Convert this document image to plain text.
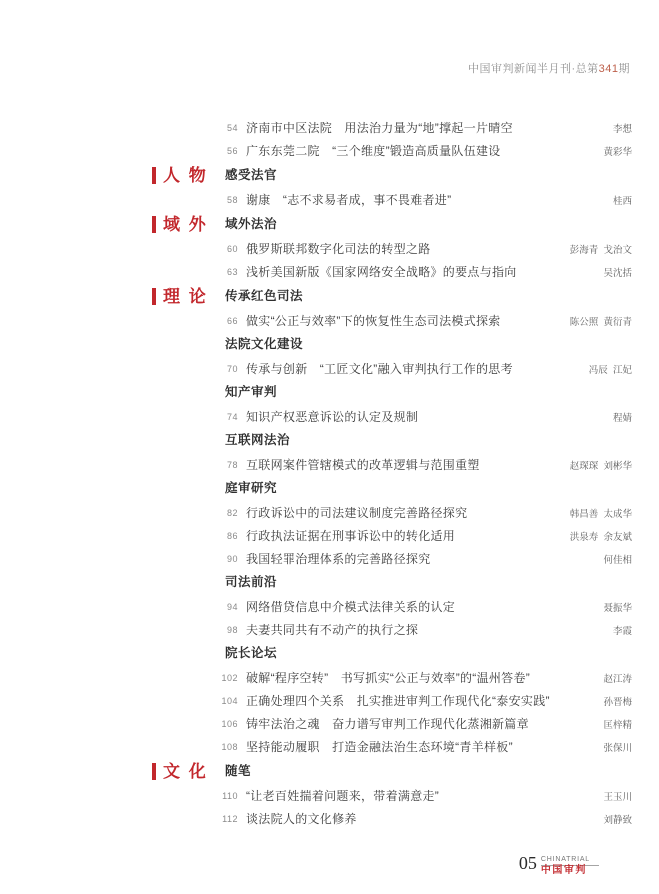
中国审判新闻半月刊·总第341期

54 济南市中区法院　用法治力量为“地”撑起一片晴空	李想
56 广东东莞二院　“三个维度”锻造高质量队伍建设	黄彩华
人 物 感受法官
58 谢康　“志不求易者成，事不畏难者进”	桂西
域 外 域外法治
60 俄罗斯联邦数字化司法的转型之路	彭海青  戈治文
63 浅析美国新版《国家网络安全战略》的要点与指向	吴沈括
理 论 传承红色司法
66 做实“公正与效率”下的恢复性生态司法模式探索	陈公照  黄衍青
法院文化建设
70 传承与创新　“工匠文化”融入审判执行工作的思考	冯辰  江妃
知产审判
74 知识产权恶意诉讼的认定及规制	程婧
互联网法治
78 互联网案件管辖模式的改革逻辑与范围重塑	赵琛琛  刘彬华
庭审研究
82 行政诉讼中的司法建议制度完善路径探究	韩昌善  太成华
86 行政执法证据在刑事诉讼中的转化适用	洪泉寿  余友斌
90 我国轻罪治理体系的完善路径探究	何佳相
司法前沿
94 网络借贷信息中介模式法律关系的认定	聂振华
98 夫妻共同共有不动产的执行之探	李霞
院长论坛
102 破解“程序空转”　书写抓实“公正与效率”的“温州答卷”	赵江涛
104 正确处理四个关系　扎实推进审判工作现代化“泰安实践”	孙晋梅
106 铸牢法治之魂　奋力谱写审判工作现代化蒸湘新篇章	匡梓精
108 坚持能动履职　打造金融法治生态环境“青羊样板”	张保川
文 化 随笔
110 “让老百姓揣着问题来，带着满意走”	王玉川
112 谈法院人的文化修养	刘静致
05 CHINATRIAL
中国审判
